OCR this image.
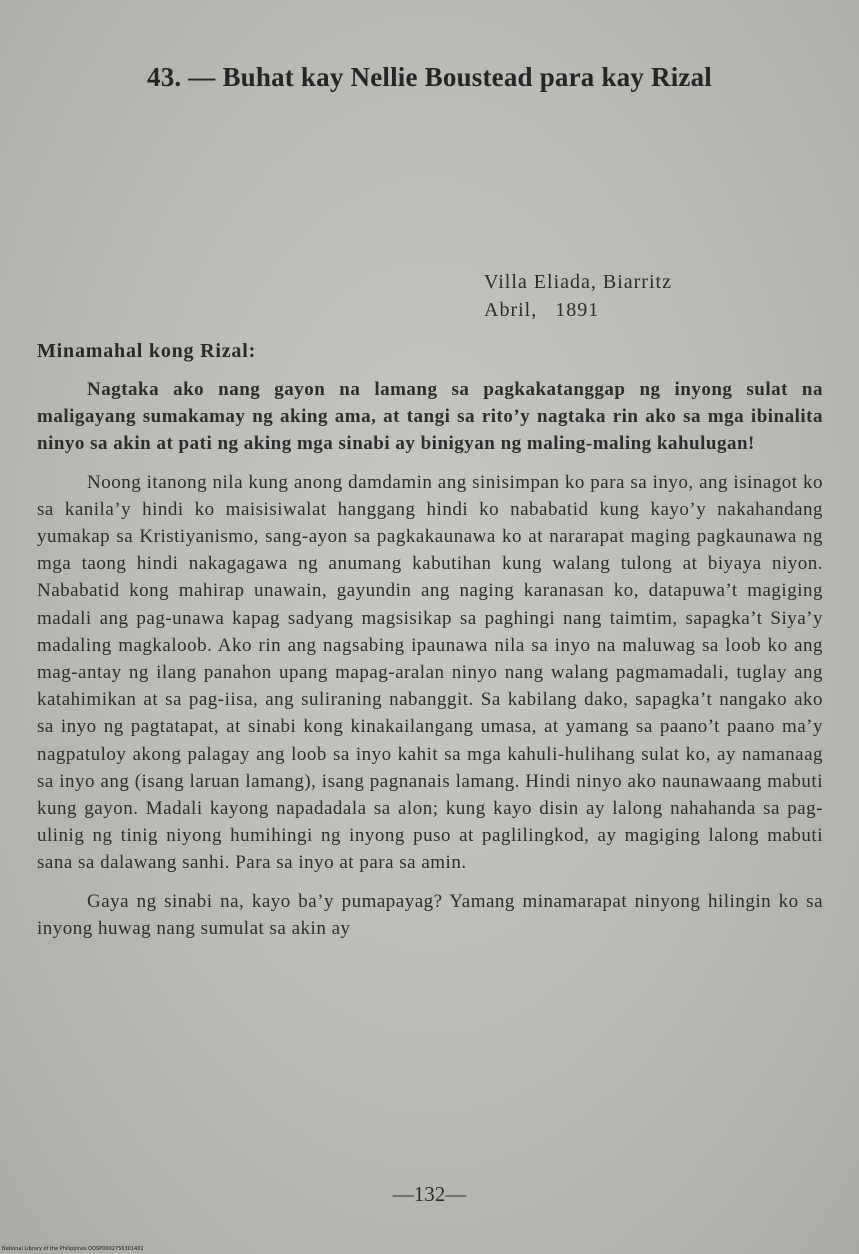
43. — Buhat kay Nellie Boustead para kay Rizal
Villa Eliada, Biarritz
Abril,   1891
Minamahal kong Rizal:

Nagtaka ako nang gayon na lamang sa pagkakatanggap ng inyong sulat na maligayang sumakamay ng aking ama, at tangi sa rito’y nagtaka rin ako sa mga ibinalita ninyo sa akin at pati ng aking mga sinabi ay binigyan ng maling-maling kahulugan!

Noong itanong nila kung anong damdamin ang sinisimpan ko para sa inyo, ang isinagot ko sa kanila’y hindi ko maisisiwalat hanggang hindi ko nababatid kung kayo’y nakahandang yumakap sa Kristiyanismo, sang-ayon sa pagkakaunawa ko at nararapat maging pagkaunawa ng mga taong hindi nakagagawa ng anumang kabutihan kung walang tulong at biyaya niyon. Nababatid kong mahirap unawain, gayundin ang naging karanasan ko, datapuwa’t magiging madali ang pag-unawa kapag sadyang magsisikap sa paghingi nang taimtim, sapagka’t Siya’y madaling magkaloob. Ako rin ang nagsabing ipaunawa nila sa inyo na maluwag sa loob ko ang mag-antay ng ilang panahon upang mapag-aralan ninyo nang walang pagmamadali, tuglay ang katahimikan at sa pag-iisa, ang suliraning nabanggit. Sa kabilang dako, sapagka’t nangako ako sa inyo ng pagtatapat, at sinabi kong kinakailangang umasa, at yamang sa paano’t paano ma’y nagpatuloy akong palagay ang loob sa inyo kahit sa mga kahuli-hulihang sulat ko, ay namanaag sa inyo ang (isang laruan lamang), isang pagnanais lamang. Hindi ninyo ako naunawaang mabuti kung gayon. Madali kayong napadadala sa alon; kung kayo disin ay lalong nahahanda sa pag-ulinig ng tinig niyong humihingi ng inyong puso at paglilingkod, ay magiging lalong mabuti sana sa dalawang sanhi. Para sa inyo at para sa amin.

Gaya ng sinabi na, kayo ba’y pumapayag? Yamang minamarapat ninyong hilingin ko sa inyong huwag nang sumulat sa akin ay

—132—
National Library of the Philippines DOSP0002756301401
